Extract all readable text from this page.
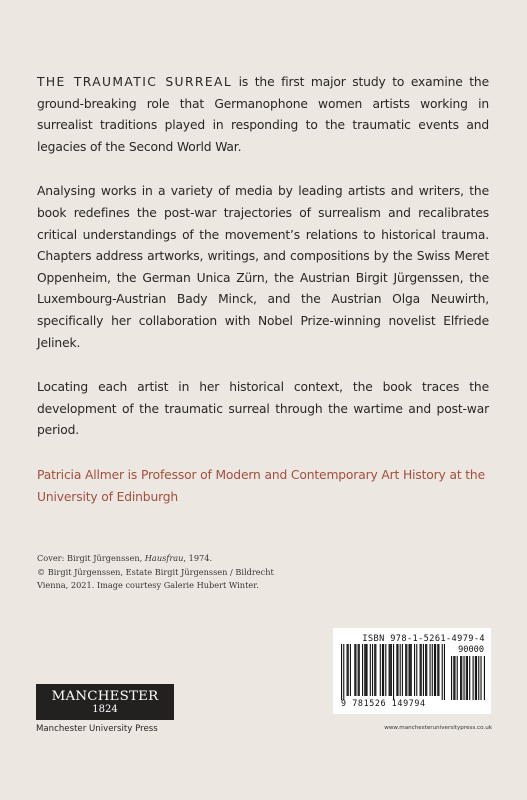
THE TRAUMATIC SURREAL is the first major study to examine the ground-breaking role that Germanophone women artists working in surrealist traditions played in responding to the traumatic events and legacies of the Second World War.

Analysing works in a variety of media by leading artists and writers, the book redefines the post-war trajectories of surrealism and recalibrates critical understandings of the movement’s relations to historical trauma. Chapters address artworks, writings, and compositions by the Swiss Meret Oppenheim, the German Unica Zürn, the Austrian Birgit Jürgenssen, the Luxembourg-Austrian Bady Minck, and the Austrian Olga Neuwirth, specifically her collaboration with Nobel Prize-winning novelist Elfriede Jelinek.

Locating each artist in her historical context, the book traces the development of the traumatic surreal through the wartime and post-war period.

Patricia Allmer is Professor of Modern and Contemporary Art History at the University of Edinburgh

Cover: Birgit Jürgenssen, Hausfrau, 1974.
© Birgit Jürgenssen, Estate Birgit Jürgenssen / Bildrecht
Vienna, 2021. Image courtesy Galerie Hubert Winter.
ISBN 978-1-5261-4979-4
90000
9 781526 149794
www.manchesteruniversitypress.co.uk
MANCHESTER
1824
Manchester University Press
